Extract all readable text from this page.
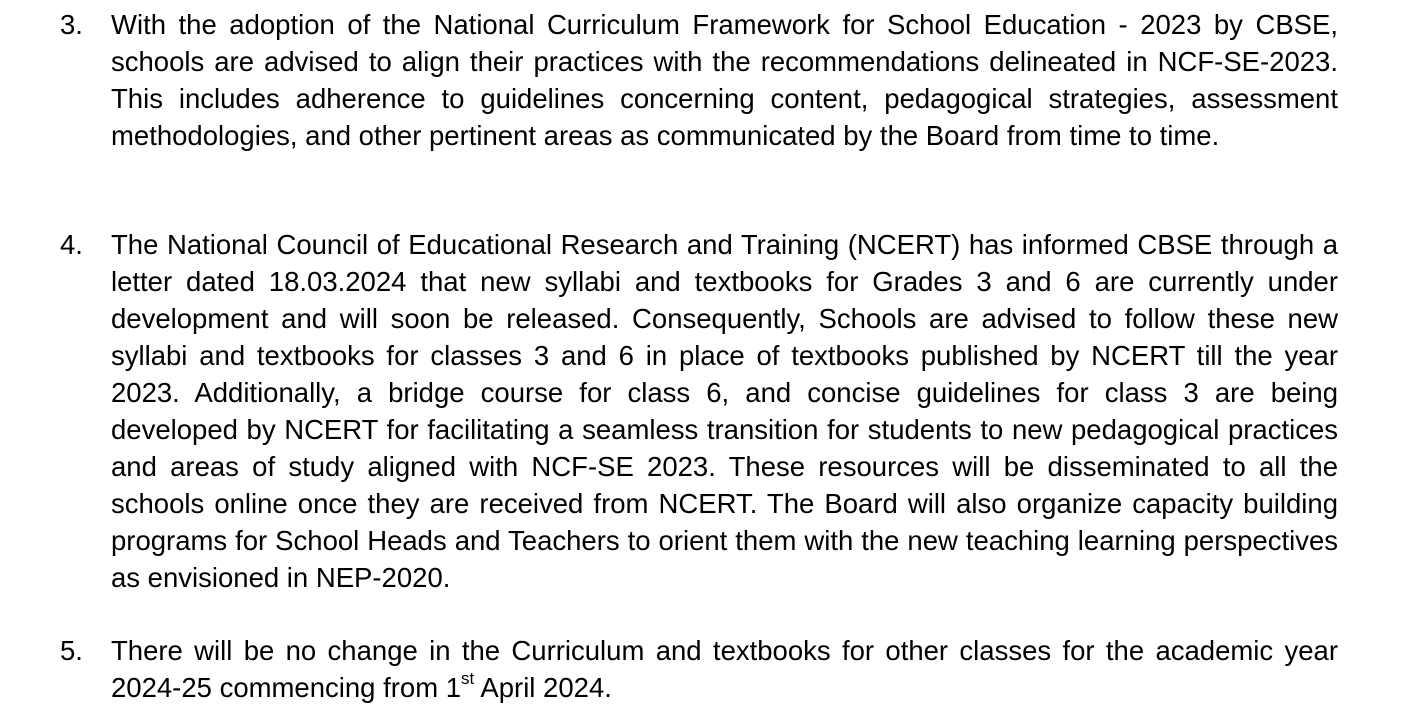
3.	With the adoption of the National Curriculum Framework for School Education - 2023 by CBSE, schools are advised to align their practices with the recommendations delineated in NCF-SE-2023. This includes adherence to guidelines concerning content, pedagogical strategies, assessment methodologies, and other pertinent areas as communicated by the Board from time to time.
4.	The National Council of Educational Research and Training (NCERT) has informed CBSE through a letter dated 18.03.2024 that new syllabi and textbooks for Grades 3 and 6 are currently under development and will soon be released. Consequently, Schools are advised to follow these new syllabi and textbooks for classes 3 and 6 in place of textbooks published by NCERT till the year 2023. Additionally, a bridge course for class 6, and concise guidelines for class 3 are being developed by NCERT for facilitating a seamless transition for students to new pedagogical practices and areas of study aligned with NCF-SE 2023. These resources will be disseminated to all the schools online once they are received from NCERT. The Board will also organize capacity building programs for School Heads and Teachers to orient them with the new teaching learning perspectives as envisioned in NEP-2020.
5.	There will be no change in the Curriculum and textbooks for other classes for the academic year 2024-25 commencing from 1st April 2024.
